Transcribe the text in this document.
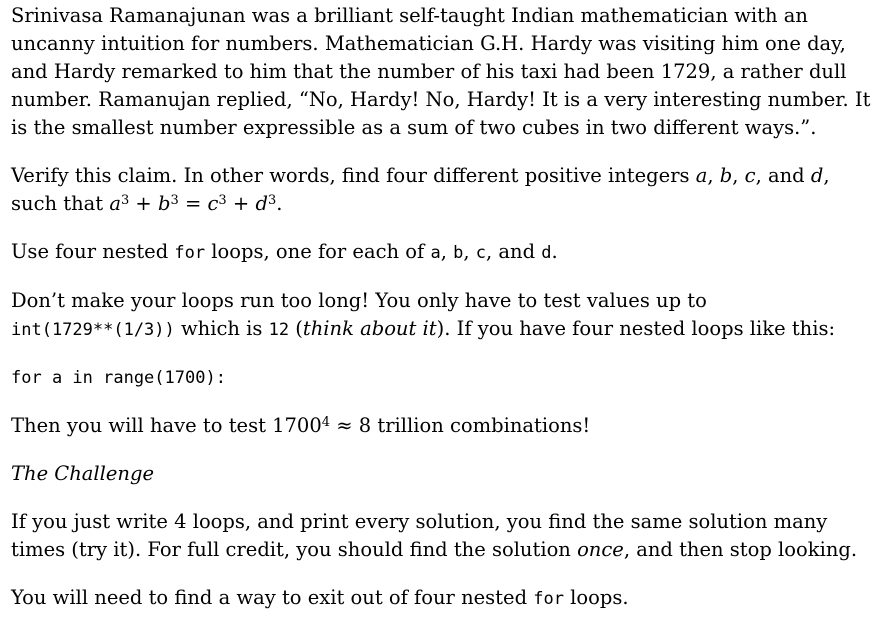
Srinivasa Ramanajunan was a brilliant self-taught Indian mathematician with an
uncanny intuition for numbers. Mathematician G.H. Hardy was visiting him one day,
and Hardy remarked to him that the number of his taxi had been 1729, a rather dull
number. Ramanujan replied, “No, Hardy! No, Hardy! It is a very interesting number. It
is the smallest number expressible as a sum of two cubes in two different ways.”.
Verify this claim. In other words, find four different positive integers a, b, c, and d,
such that $a^3 + b^3 = c^3 + d^3$.
Use four nested for loops, one for each of a, b, c, and d.
Don’t make your loops run too long! You only have to test values up to
int(1729**(1/3)) which is 12 (think about it). If you have four nested loops like this:
for a in range(1700):
Then you will have to test $1700^4 \approx 8$ trillion combinations!
The Challenge
If you just write 4 loops, and print every solution, you find the same solution many
times (try it). For full credit, you should find the solution once, and then stop looking.
You will need to find a way to exit out of four nested for loops.
